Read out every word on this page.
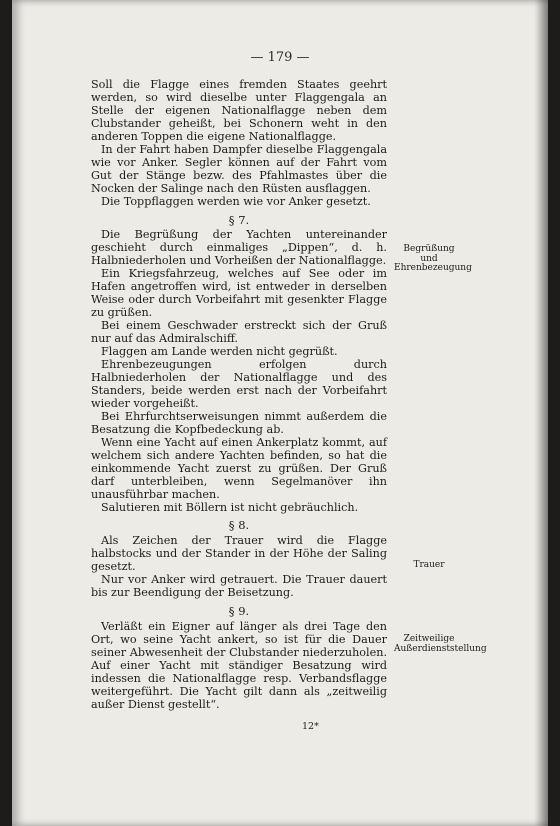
— 179 —

Soll die Flagge eines fremden Staates geehrt werden, so wird dieselbe unter Flaggengala an Stelle der eigenen Nationalflagge neben dem Clubstander geheißt, bei Schonern weht in den anderen Toppen die eigene Nationalflagge.

In der Fahrt haben Dampfer dieselbe Flaggengala wie vor Anker. Segler können auf der Fahrt vom Gut der Stänge bezw. des Pfahlmastes über die Nocken der Salinge nach den Rüsten ausflaggen.

Die Toppflaggen werden wie vor Anker gesetzt.

§ 7.

Die Begrüßung der Yachten untereinander geschieht durch einmaliges „Dippen“, d. h. Halbniederholen und Vorheißen der Nationalflagge.

Ein Kriegsfahrzeug, welches auf See oder im Hafen angetroffen wird, ist entweder in derselben Weise oder durch Vorbeifahrt mit gesenkter Flagge zu grüßen.

Bei einem Geschwader erstreckt sich der Gruß nur auf das Admiralschiff.

Flaggen am Lande werden nicht gegrüßt.

Ehrenbezeugungen erfolgen durch Halbniederholen der Nationalflagge und des Standers, beide werden erst nach der Vorbeifahrt wieder vorgeheißt.

Bei Ehrfurchtserweisungen nimmt außerdem die Besatzung die Kopfbedeckung ab.

Wenn eine Yacht auf einen Ankerplatz kommt, auf welchem sich andere Yachten befinden, so hat die einkommende Yacht zuerst zu grüßen. Der Gruß darf unterbleiben, wenn Segelmanöver ihn unausführbar machen.

Salutieren mit Böllern ist nicht gebräuchlich.

§ 8.

Als Zeichen der Trauer wird die Flagge halbstocks und der Stander in der Höhe der Saling gesetzt.

Nur vor Anker wird getrauert. Die Trauer dauert bis zur Beendigung der Beisetzung.

§ 9.

Verläßt ein Eigner auf länger als drei Tage den Ort, wo seine Yacht ankert, so ist für die Dauer seiner Abwesenheit der Clubstander niederzuholen. Auf einer Yacht mit ständiger Besatzung wird indessen die Nationalflagge resp. Verbandsflagge weitergeführt. Die Yacht gilt dann als „zeitweilig außer Dienst gestellt“.

Begrüßung und Ehrenbezeugung
Trauer
Zeitweilige Außerdienststellung
12*
